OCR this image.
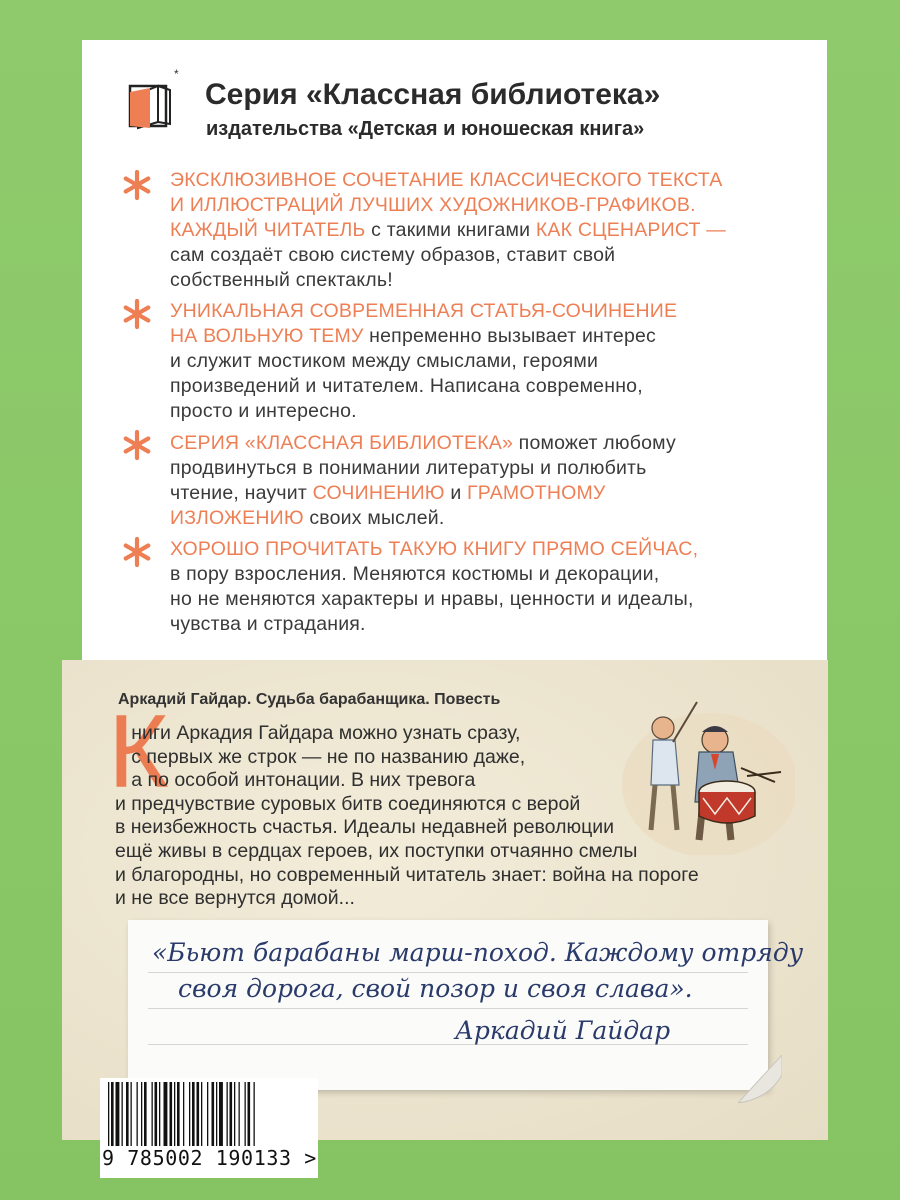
*
Серия «Классная библиотека»
издательства «Детская и юношеская книга»
ЭКСКЛЮЗИВНОЕ СОЧЕТАНИЕ КЛАССИЧЕСКОГО ТЕКСТА
И ИЛЛЮСТРАЦИЙ ЛУЧШИХ ХУДОЖНИКОВ-ГРАФИКОВ.
КАЖДЫЙ ЧИТАТЕЛЬ с такими книгами КАК СЦЕНАРИСТ —
сам создаёт свою систему образов, ставит свой
собственный спектакль!
УНИКАЛЬНАЯ СОВРЕМЕННАЯ СТАТЬЯ-СОЧИНЕНИЕ
НА ВОЛЬНУЮ ТЕМУ непременно вызывает интерес
и служит мостиком между смыслами, героями
произведений и читателем. Написана современно,
просто и интересно.
СЕРИЯ «КЛАССНАЯ БИБЛИОТЕКА» поможет любому
продвинуться в понимании литературы и полюбить
чтение, научит СОЧИНЕНИЮ и ГРАМОТНОМУ
ИЗЛОЖЕНИЮ своих мыслей.
ХОРОШО ПРОЧИТАТЬ ТАКУЮ КНИГУ ПРЯМО СЕЙЧАС,
в пору взросления. Меняются костюмы и декорации,
но не меняются характеры и нравы, ценности и идеалы,
чувства и страдания.
Аркадий Гайдар. Судьба барабанщика. Повесть
К
ниги Аркадия Гайдара можно узнать сразу,
с первых же строк — не по названию даже,
а по особой интонации. В них тревога
и предчувствие суровых битв соединяются с верой
в неизбежность счастья. Идеалы недавней революции
ещё живы в сердцах героев, их поступки отчаянно смелы
и благородны, но современный читатель знает: война на пороге
и не все вернутся домой...
«Бьют барабаны марш-поход. Каждому отряду
своя дорога, свой позор и своя слава».
Аркадий Гайдар
9 785002 190133 >
